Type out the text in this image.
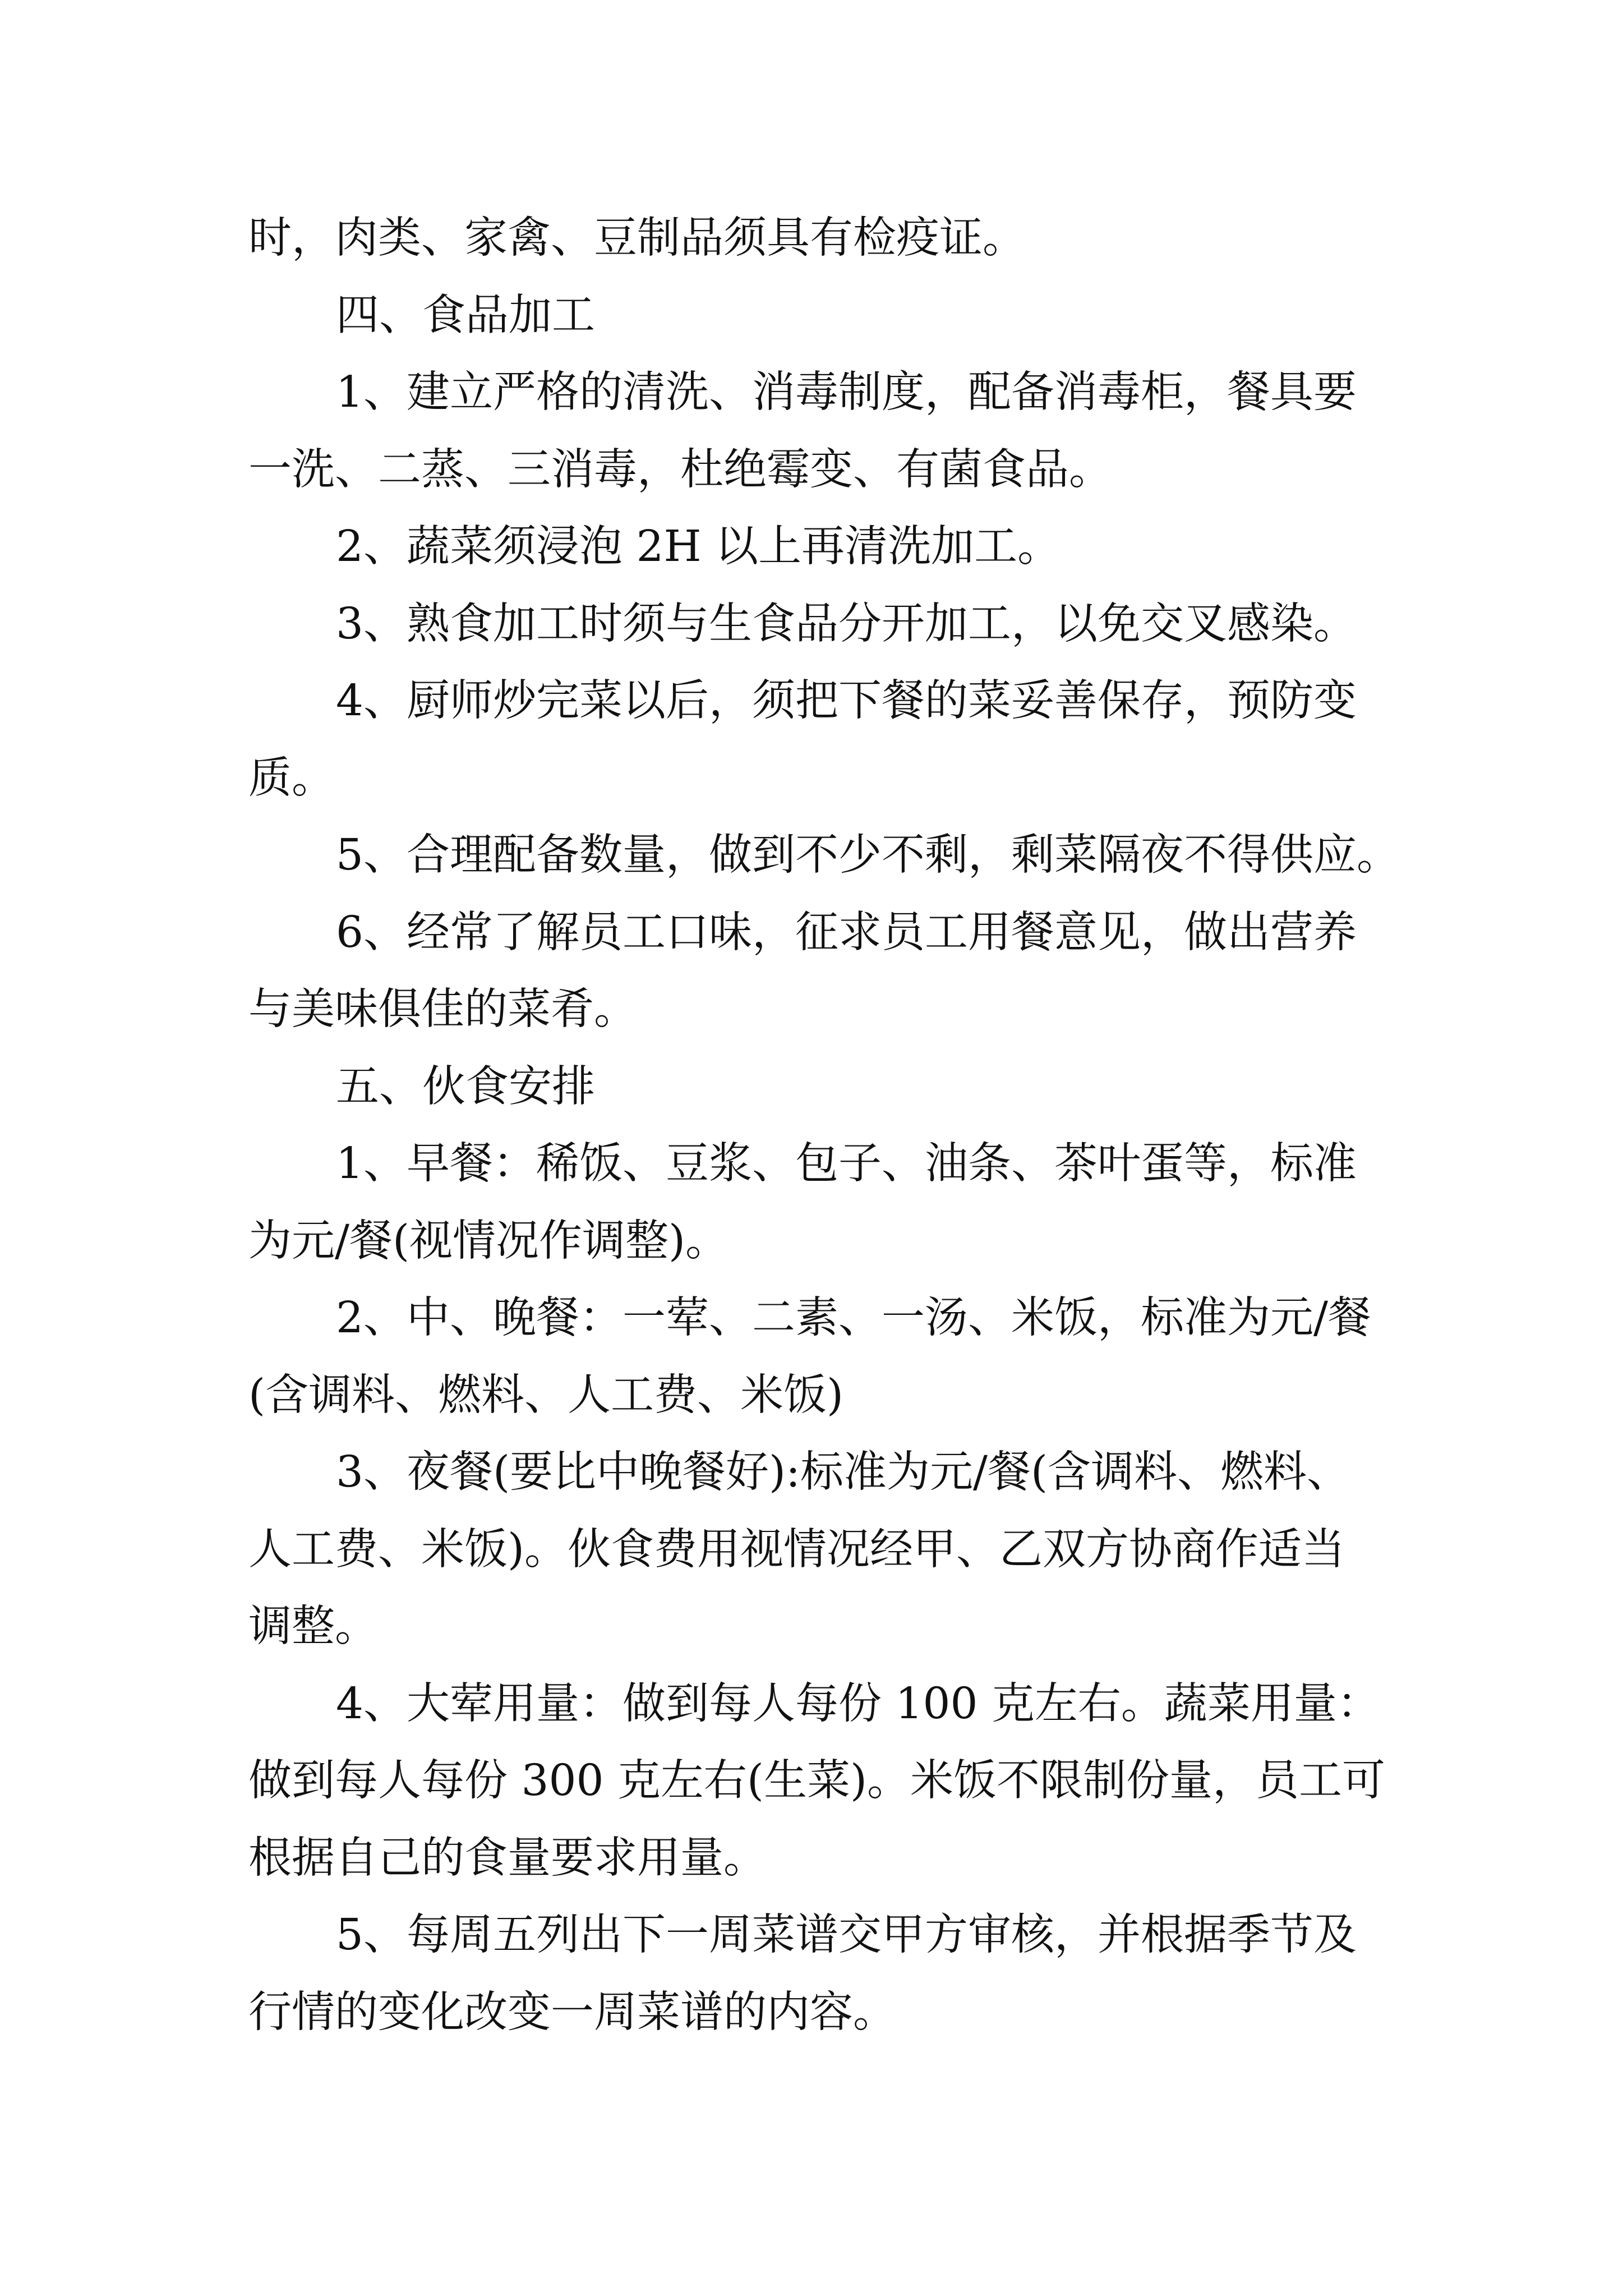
时，肉类、家禽、豆制品须具有检疫证。
四、食品加工
1、建立严格的清洗、消毒制度，配备消毒柜，餐具要
一洗、二蒸、三消毒，杜绝霉变、有菌食品。
2、蔬菜须浸泡 2H 以上再清洗加工。
3、熟食加工时须与生食品分开加工，以免交叉感染。
4、厨师炒完菜以后，须把下餐的菜妥善保存，预防变
质。
5、合理配备数量，做到不少不剩，剩菜隔夜不得供应。
6、经常了解员工口味，征求员工用餐意见，做出营养
与美味俱佳的菜肴。
五、伙食安排
1、早餐：稀饭、豆浆、包子、油条、茶叶蛋等，标准
为元/餐(视情况作调整)。
2、中、晚餐：一荤、二素、一汤、米饭，标准为元/餐
(含调料、燃料、人工费、米饭)
3、夜餐(要比中晚餐好):标准为元/餐(含调料、燃料、
人工费、米饭)。伙食费用视情况经甲、乙双方协商作适当
调整。
4、大荤用量：做到每人每份 100 克左右。蔬菜用量：
做到每人每份 300 克左右(生菜)。米饭不限制份量，员工可
根据自己的食量要求用量。
5、每周五列出下一周菜谱交甲方审核，并根据季节及
行情的变化改变一周菜谱的内容。
